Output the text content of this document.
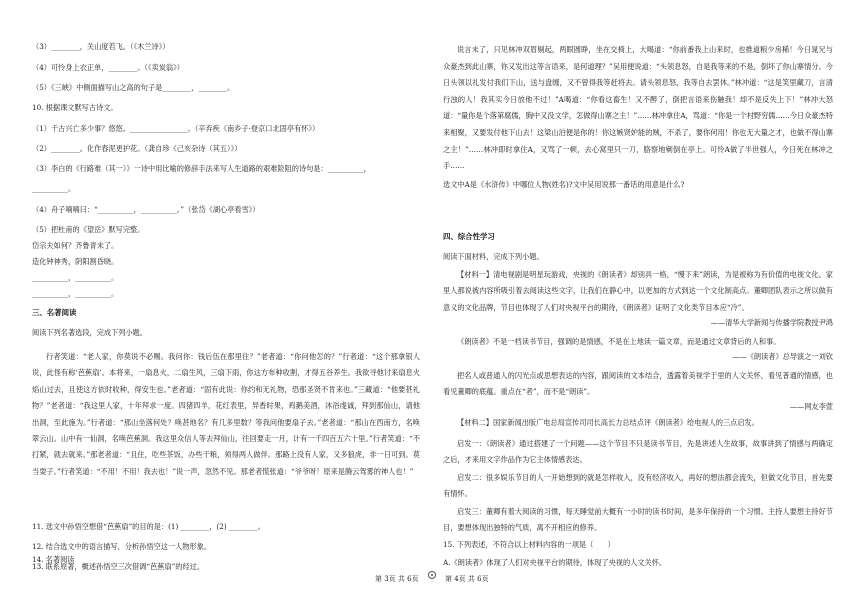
（3）________，关山度若飞。（《木兰诗》）
（4）可怜身上衣正单，________。（《卖炭翁》）
（5）《三峡》中侧面描写山之高的句子是________，________。
10. 根据课文默写古诗文。
（1）千古兴亡多少事？悠悠。________________。（辛弃疾《南乡子·登京口北固亭有怀》）
（2）________。化作春泥更护花。（龚自珍《己亥杂诗（其五）》）
（3）李白的《行路难（其一）》一诗中用比喻的修辞手法来写人生道路的艰难险阻的诗句是：__________，
__________。
（4）舟子喃喃曰：“__________，__________。”（张岱《湖心亭看雪》）
（5）把杜甫的《望岳》默写完整。
岱宗夫如何？齐鲁青未了。
造化钟神秀，阴阳割昏晓。
__________，__________。
__________，__________。
三、名著阅读
阅读下列名著选段，完成下列小题。
行者笑道：“老人家，你莫说不必赐。我问你：钱后伍在那里住？”老者道：“你问他怎的？”行者道：“这个那拿银人说，此怪有称‘芭蕉扇’。本将来，一扇息火，二扇生风，三扇下雨，你这方布种收割，才得五谷养生。我欲寻他讨来扇息火焰山过去，且使这方依时收种，得安生也。”老者道：“固有此说：你约和无礼物，恐那圣贤不肯来也。”三藏道：“他要甚礼物？”老者道：“我这里人家，十年拜求一度。四猪四羊，花红表里，异香时果，鸡鹅美酒，沐浴虔诚，拜到那仙山，请他出洞，至此施为。”行者道：“那山坐落何处？唤甚地名？有几多里数？等我问他要扇子去。”老者道：“那山在西南方，名唤翠云山。山中有一仙洞，名唤芭蕉洞。我这里众信人等去拜仙山，往回要走一月，计有一千四百五六十里。”行者笑道：“不打紧，就去就来。”那老者道：“且住，吃些茶饭，办些干粮，须得两人做伴。那路上没有人家，又多狼虎，非一日可到。莫当耍子。”行者笑道：“不用！不用！我去也！”说一声，忽然不见。那老者慌张道：“爷爷呀！原来是腾云驾雾的神人也！”
11. 选文中孙悟空想借“芭蕉扇”的目的是：(1) ________，(2) ________。
12. 结合选文中的语言描写，分析孙悟空这一人物形象。
13. 联系原著，概述孙悟空三次借调“芭蕉扇”的经过。
说言未了，只见林冲双眉剔起，两眼圆睁，坐在交椅上，大喝道：“你前番我上山来时，也推道粮少房稀！今日晁兄与众豪杰到此山寨，你又发出这等言语来，是何道理？”吴用便说道：“头领息怒，自是我等来的不是，倒坏了你山寨情分。今日头领以礼发付我们下山，送与盘缠，又不曾得我等赶将去。请头领息怒，我等自去罢休。”林冲道：“这是笑里藏刀，言清行浊的人！我其实今日放他不过！”A喝道：“你看这畜生！又不醉了，倒把言语来伤触我！却不是反失上下！”林冲大怒道：“量你是个落第腐儒，胸中又没文学，怎做得山寨之主！”……林冲拿住A，骂道：“你是一个村野穷儒……今日众豪杰特来相聚，又要发付他下山去！这梁山泊便是你的！你这嫉贤妒能的贼，不杀了，要你何用！你也无大量之才，也做不得山寨之主！”……林冲即时拿住A，又骂了一顿，去心窝里只一刀，胳察地剜倒在亭上。可怜A做了半世强人，今日死在林冲之手……
选文中A是《水浒传》中哪位人物(姓名)?文中吴用说那一番话的用意是什么?
四、综合性学习
阅读下面材料，完成下列小题。
【材料一】清电视剧是明星玩游戏，央视的《朗读者》却别具一格，“慢下来”朗读，为是被称为有价值的电视文化。家里人都说被内容所吸引着去阅读这些文字，让我们在静心中，以更加的方式到达一个文化制高点。董卿团队表示之所以做有意义的文化品牌，节目也体现了人们对央视平台的期待，《朗读者》证明了文化类节目本应“冷”。
——清华大学新闻与传播学院教授尹鸿
《朗读者》不是一档读书节目，强调的是情感，不是在上地读一篇文章，而是通过文章背后的人和事。
——《朗读者》总导演之一刘钦
把名人或普通人的闪光点或思想表达的内容，跟阅读的文本结合，透露着美视学于里的人文关怀，看见普通的情感，也看见董卿的底蕴。重点在“者”，而不是“朗读”。
——网友李萱
【材料二】国家新闻出版广电总局宣传司司长高长力总结点评《朗读者》给电视人的三点启发。
启发一：《朗读者》通过搭建了一个问题——这个节目不只是读书节目，先是讲述人生故事，故事讲到了情感与两确定之后，才来用文字作品作为它主体情感表达。
启发二：很多娱乐节目的人一开始想到的就是怎样收入，没有经济收入，再好的想法都会流失，但做文化节目，首先要有情怀。
启发三：董卿有着大阅读的习惯，每天睡觉前大概有一小时的读书时间，是多年保持的一个习惯。主持人要想主持好节目，要想体现出独特的气质，离不开相应的修养。
15. 下列表述，不符合以上材料内容的一项是（　　）
A.《朗读者》体现了人们对央视平台的期待，体现了央视的人文关怀。
14. 名著阅读
第 3页 共 6页	第 4页 共 6页
